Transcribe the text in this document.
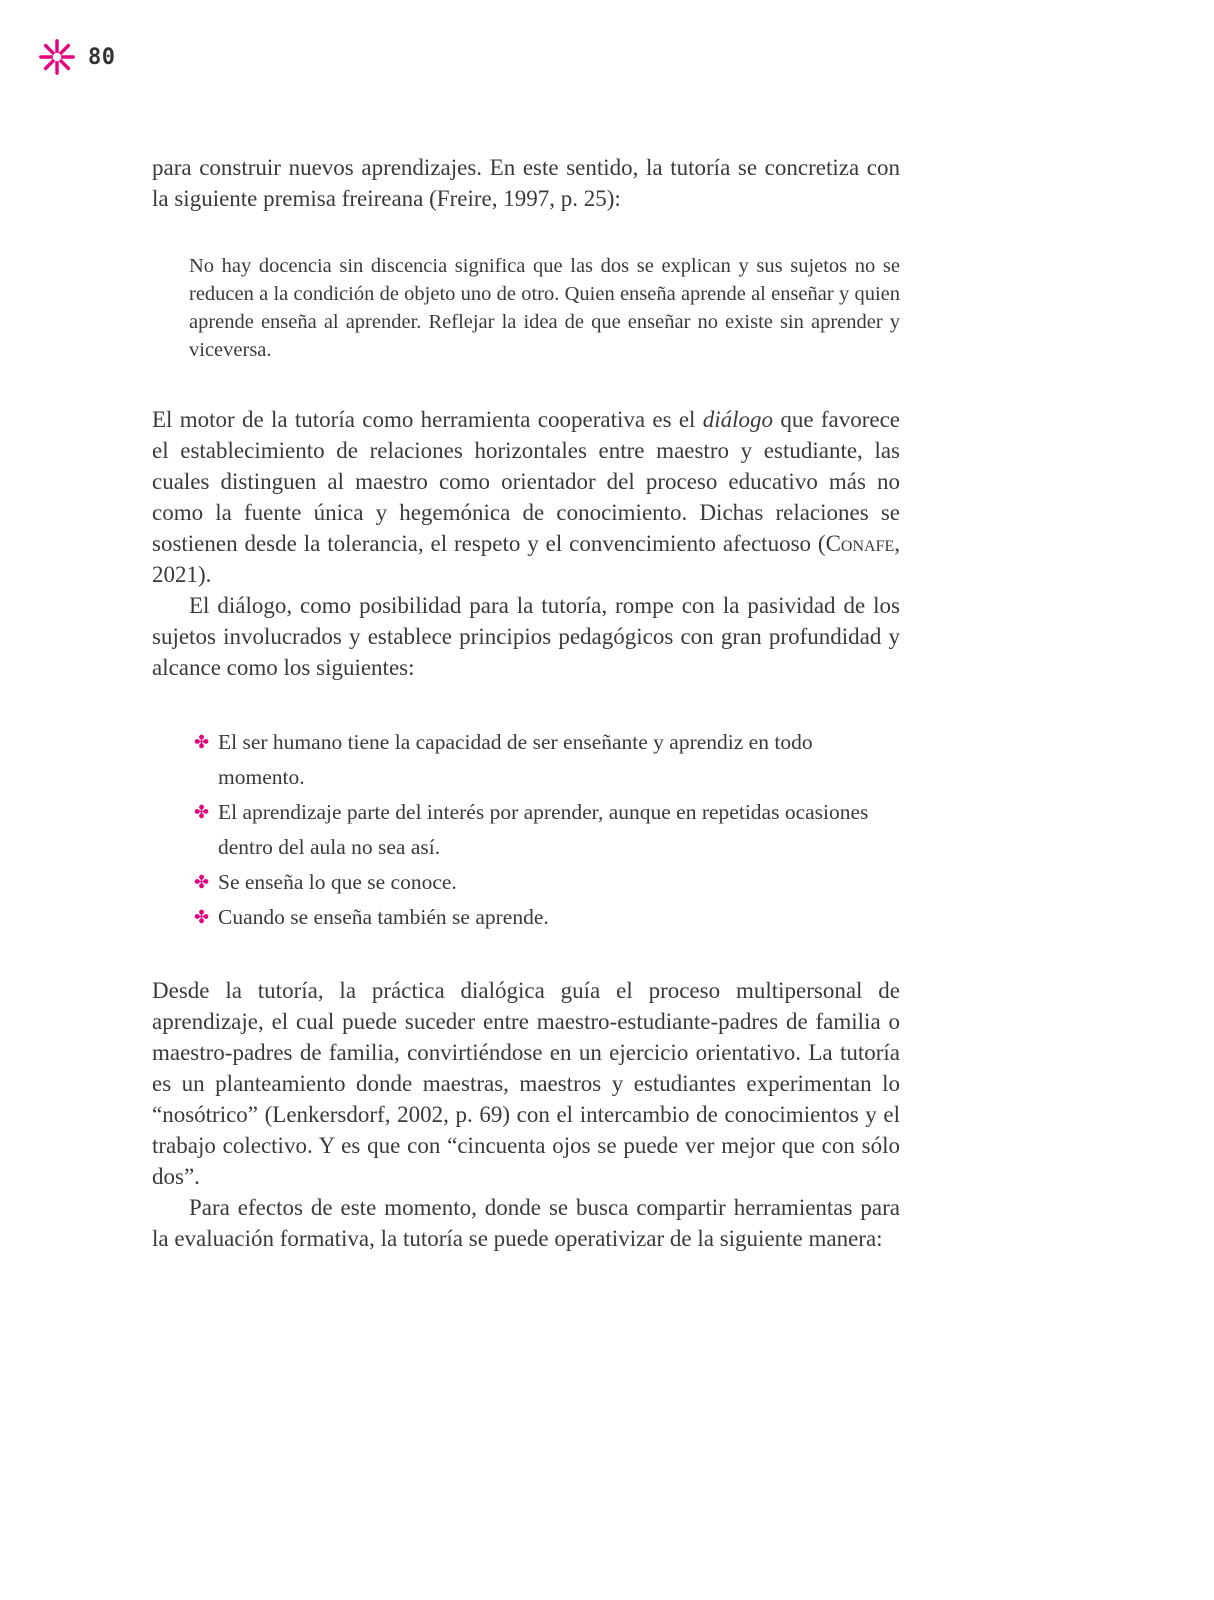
80

para construir nuevos aprendizajes. En este sentido, la tutoría se concretiza con la siguiente premisa freireana (Freire, 1997, p. 25):

No hay docencia sin discencia significa que las dos se explican y sus sujetos no se reducen a la condición de objeto uno de otro. Quien enseña aprende al enseñar y quien aprende enseña al aprender. Reflejar la idea de que enseñar no existe sin aprender y viceversa.

El motor de la tutoría como herramienta cooperativa es el diálogo que favorece el establecimiento de relaciones horizontales entre maestro y estudiante, las cuales distinguen al maestro como orientador del proceso educativo más no como la fuente única y hegemónica de conocimiento. Dichas relaciones se sostienen desde la tolerancia, el respeto y el convencimiento afectuoso (Conafe, 2021).

El diálogo, como posibilidad para la tutoría, rompe con la pasividad de los sujetos involucrados y establece principios pedagógicos con gran profundidad y alcance como los siguientes:

✤ El ser humano tiene la capacidad de ser enseñante y aprendiz en todo momento.
✤ El aprendizaje parte del interés por aprender, aunque en repetidas ocasiones dentro del aula no sea así.
✤ Se enseña lo que se conoce.
✤ Cuando se enseña también se aprende.

Desde la tutoría, la práctica dialógica guía el proceso multipersonal de aprendizaje, el cual puede suceder entre maestro-estudiante-padres de familia o maestro-padres de familia, convirtiéndose en un ejercicio orientativo. La tutoría es un planteamiento donde maestras, maestros y estudiantes experimentan lo “nosótrico” (Lenkersdorf, 2002, p. 69) con el intercambio de conocimientos y el trabajo colectivo. Y es que con “cincuenta ojos se puede ver mejor que con sólo dos”.

Para efectos de este momento, donde se busca compartir herramientas para la evaluación formativa, la tutoría se puede operativizar de la siguiente manera:
